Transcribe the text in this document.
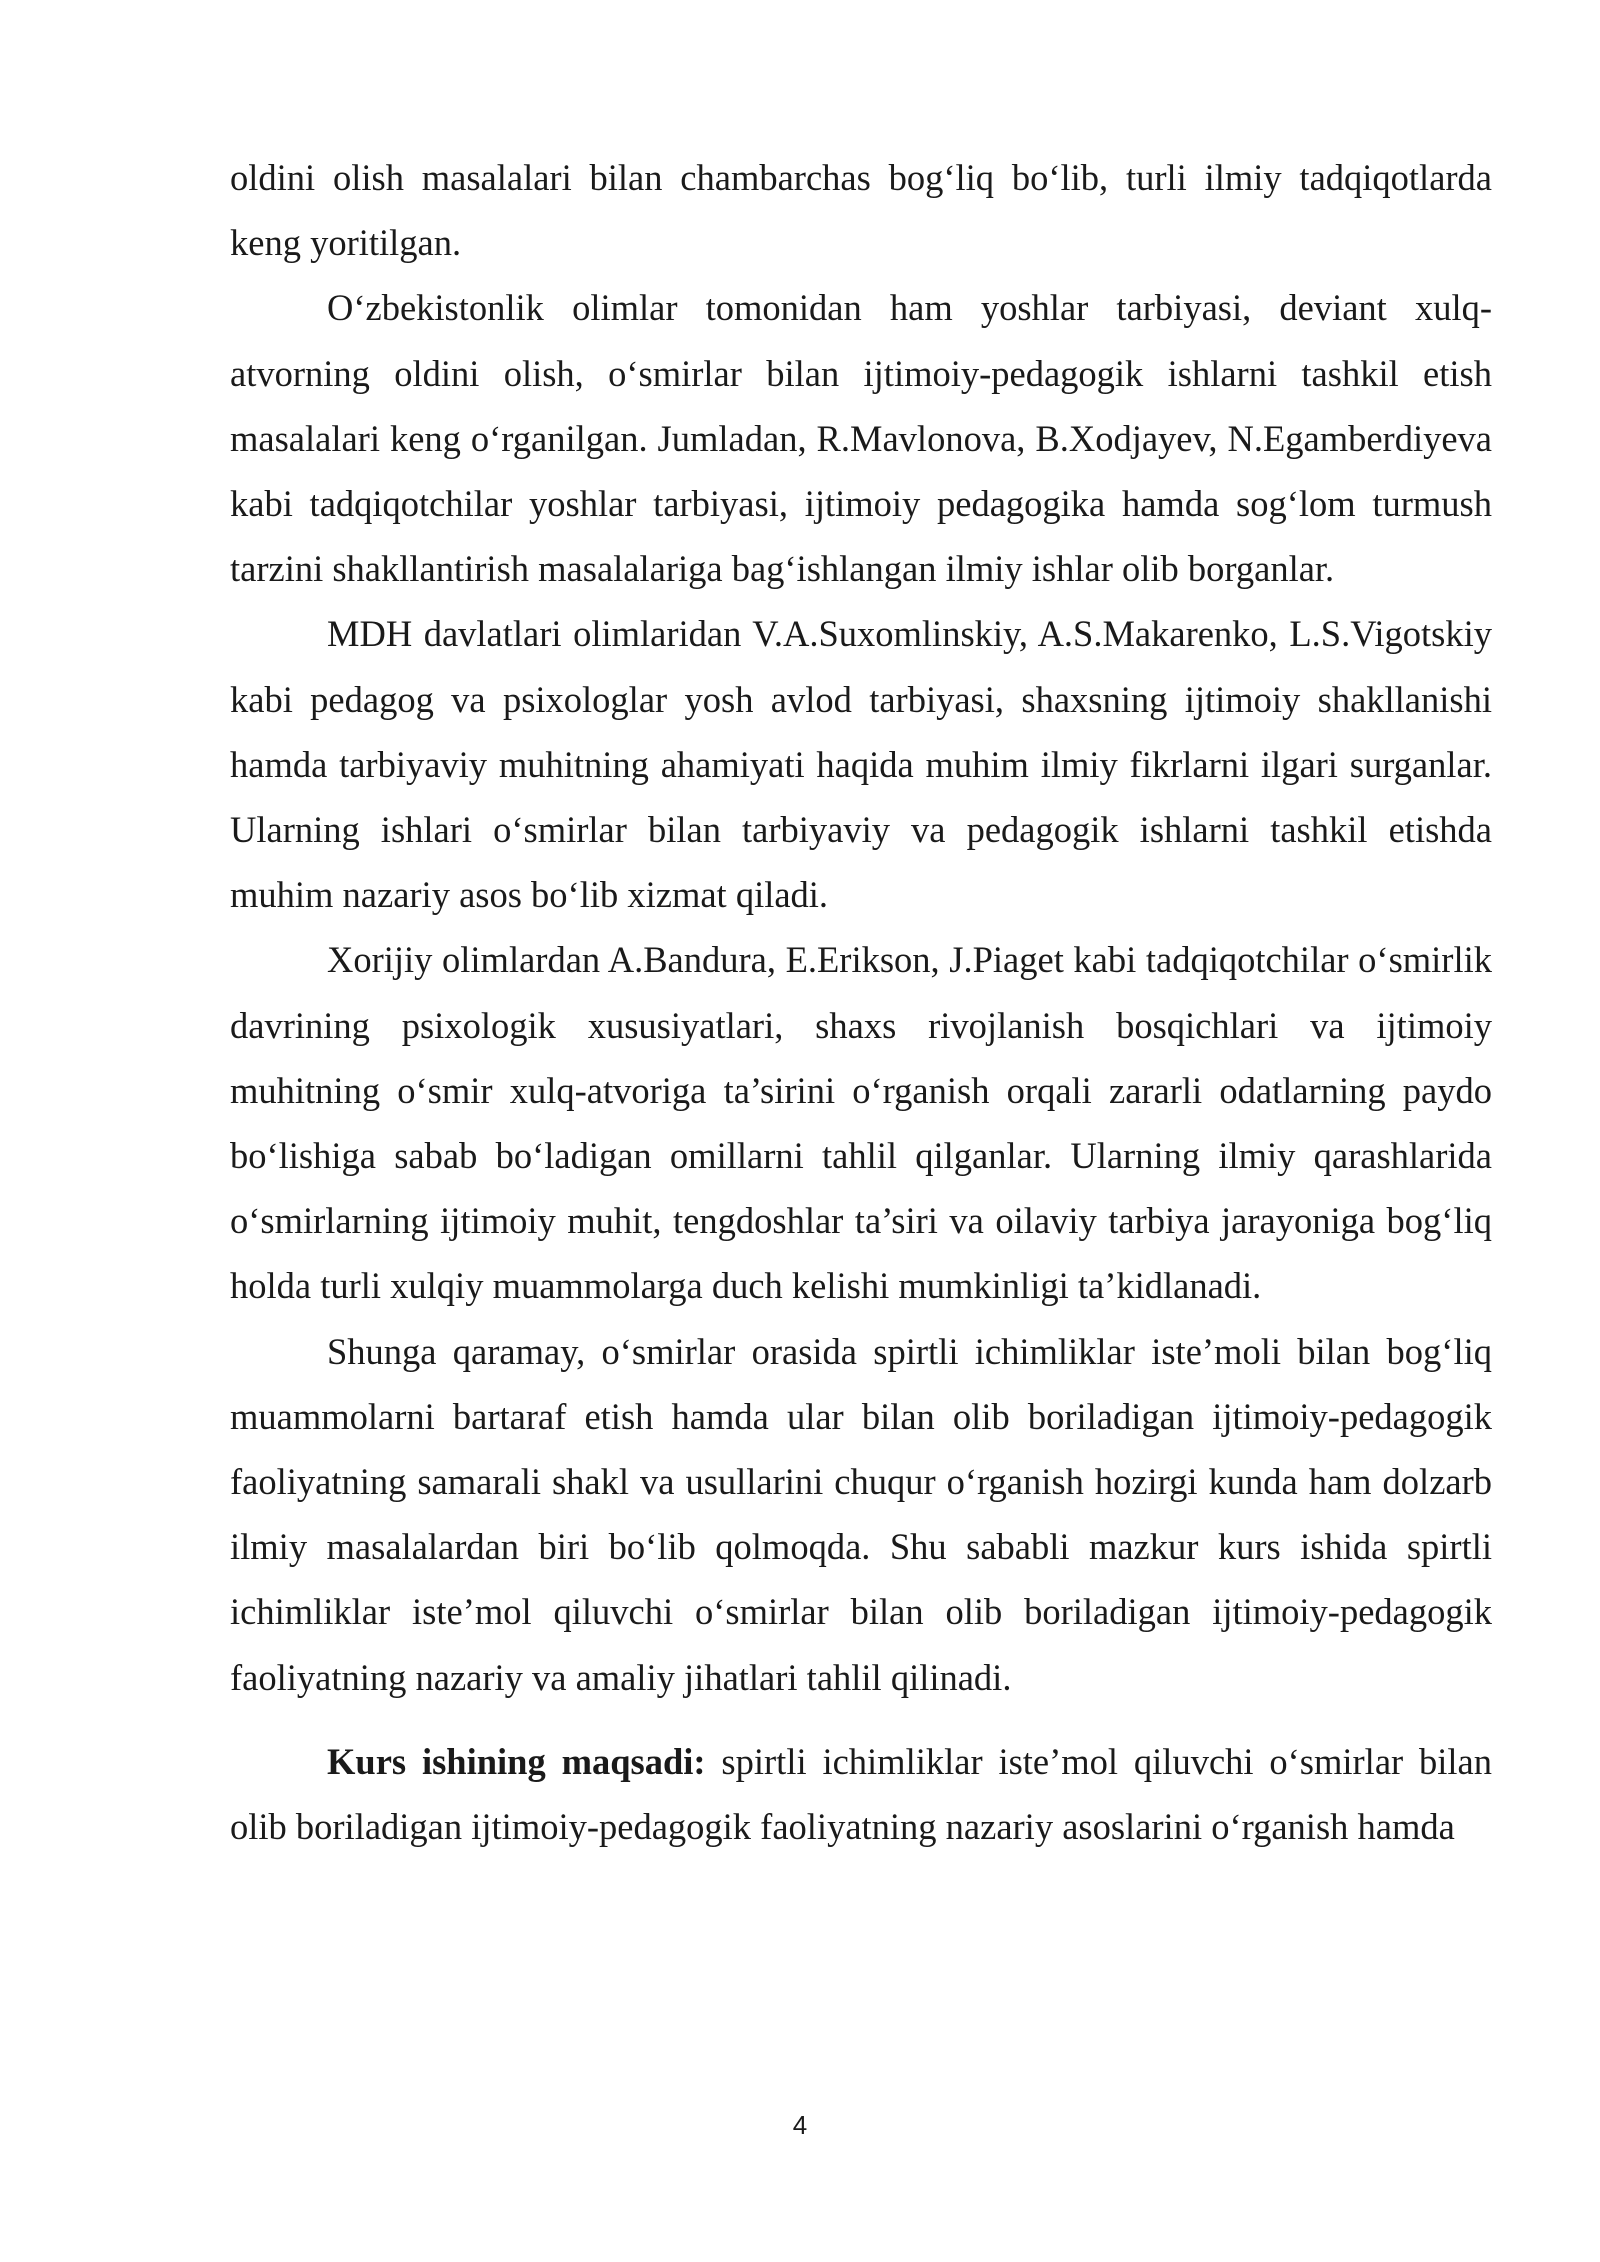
oldini olish masalalari bilan chambarchas bog‘liq bo‘lib, turli ilmiy tadqiqotlarda keng yoritilgan.

O‘zbekistonlik olimlar tomonidan ham yoshlar tarbiyasi, deviant xulq-atvorning oldini olish, o‘smirlar bilan ijtimoiy-pedagogik ishlarni tashkil etish masalalari keng o‘rganilgan. Jumladan, R.Mavlonova, B.Xodjayev, N.Egamberdiyeva kabi tadqiqotchilar yoshlar tarbiyasi, ijtimoiy pedagogika hamda sog‘lom turmush tarzini shakllantirish masalalariga bag‘ishlangan ilmiy ishlar olib borganlar.

MDH davlatlari olimlaridan V.A.Suxomlinskiy, A.S.Makarenko, L.S.Vigotskiy kabi pedagog va psixologlar yosh avlod tarbiyasi, shaxsning ijtimoiy shakllanishi hamda tarbiyaviy muhitning ahamiyati haqida muhim ilmiy fikrlarni ilgari surganlar. Ularning ishlari o‘smirlar bilan tarbiyaviy va pedagogik ishlarni tashkil etishda muhim nazariy asos bo‘lib xizmat qiladi.

Xorijiy olimlardan A.Bandura, E.Erikson, J.Piaget kabi tadqiqotchilar o‘smirlik davrining psixologik xususiyatlari, shaxs rivojlanish bosqichlari va ijtimoiy muhitning o‘smir xulq-atvoriga ta’sirini o‘rganish orqali zararli odatlarning paydo bo‘lishiga sabab bo‘ladigan omillarni tahlil qilganlar. Ularning ilmiy qarashlarida o‘smirlarning ijtimoiy muhit, tengdoshlar ta’siri va oilaviy tarbiya jarayoniga bog‘liq holda turli xulqiy muammolarga duch kelishi mumkinligi ta’kidlanadi.

Shunga qaramay, o‘smirlar orasida spirtli ichimliklar iste’moli bilan bog‘liq muammolarni bartaraf etish hamda ular bilan olib boriladigan ijtimoiy-pedagogik faoliyatning samarali shakl va usullarini chuqur o‘rganish hozirgi kunda ham dolzarb ilmiy masalalardan biri bo‘lib qolmoqda. Shu sababli mazkur kurs ishida spirtli ichimliklar iste’mol qiluvchi o‘smirlar bilan olib boriladigan ijtimoiy-pedagogik faoliyatning nazariy va amaliy jihatlari tahlil qilinadi.

Kurs ishining maqsadi: spirtli ichimliklar iste’mol qiluvchi o‘smirlar bilan olib boriladigan ijtimoiy-pedagogik faoliyatning nazariy asoslarini o‘rganish hamda

4
